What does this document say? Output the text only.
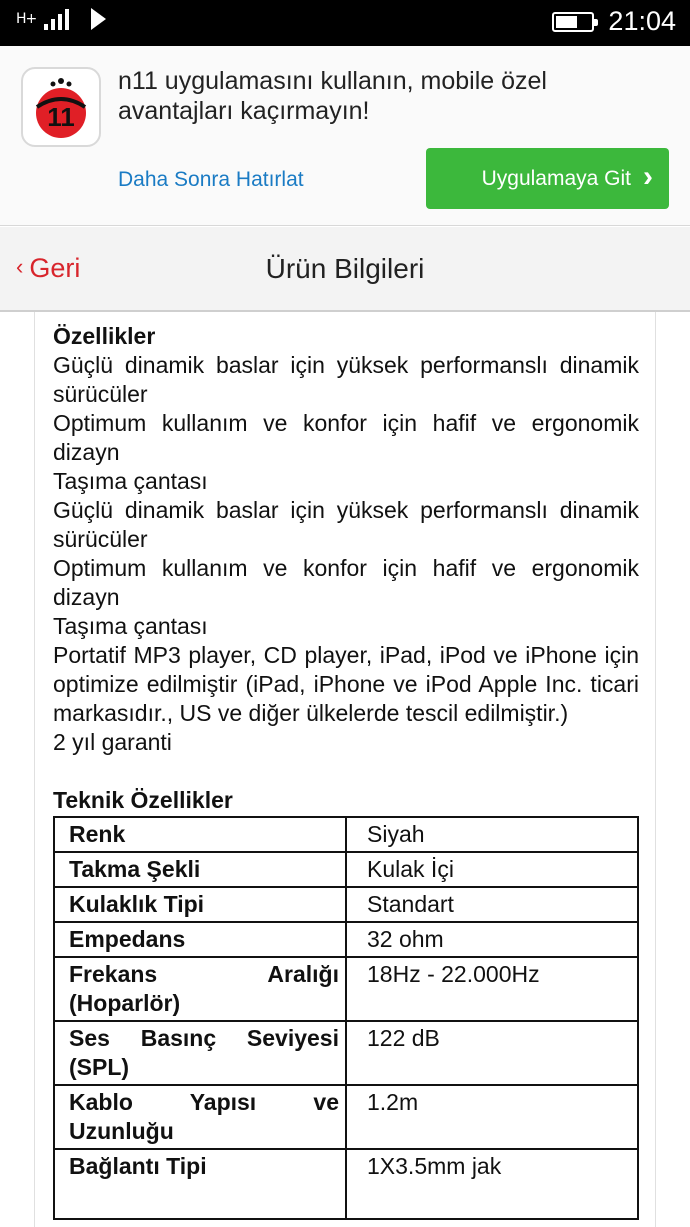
H+	21:04
11
n11 uygulamasını kullanın, mobile özel avantajları kaçırmayın!
Daha Sonra Hatırlat	Uygulamaya Git ›
‹ Geri	Ürün Bilgileri
Özellikler
Güçlü dinamik baslar için yüksek performanslı dinamik sürücüler
Optimum kullanım ve konfor için hafif ve ergonomik dizayn
Taşıma çantası
Güçlü dinamik baslar için yüksek performanslı dinamik sürücüler
Optimum kullanım ve konfor için hafif ve ergonomik dizayn
Taşıma çantası
Portatif MP3 player, CD player, iPad, iPod ve iPhone için optimize edilmiştir (iPad, iPhone ve iPod Apple Inc. ticari markasıdır., US ve diğer ülkelerde tescil edilmiştir.)
2 yıl garanti
Teknik Özellikler
Renk	Siyah
Takma Şekli	Kulak İçi
Kulaklık Tipi	Standart
Empedans	32 ohm
Frekans Aralığı (Hoparlör)	18Hz - 22.000Hz
Ses Basınç Seviyesi (SPL)	122 dB
Kablo Yapısı ve Uzunluğu	1.2m
Bağlantı Tipi	1X3.5mm jak
